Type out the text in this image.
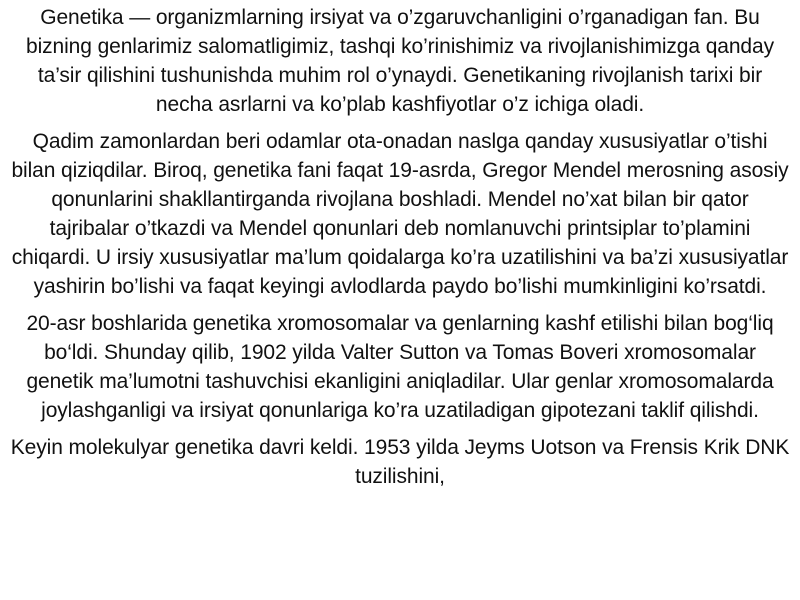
Genetika — organizmlarning irsiyat va o’zgaruvchanligini o’rganadigan fan. Bu bizning genlarimiz salomatligimiz, tashqi ko’rinishimiz va rivojlanishimizga qanday ta’sir qilishini tushunishda muhim rol o’ynaydi. Genetikaning rivojlanish tarixi bir necha asrlarni va ko’plab kashfiyotlar o’z ichiga oladi.

Qadim zamonlardan beri odamlar ota-onadan naslga qanday xususiyatlar o’tishi bilan qiziqdilar. Biroq, genetika fani faqat 19-asrda, Gregor Mendel merosning asosiy qonunlarini shakllantirganda rivojlana boshladi. Mendel no’xat bilan bir qator tajribalar o’tkazdi va Mendel qonunlari deb nomlanuvchi printsiplar to’plamini chiqardi. U irsiy xususiyatlar ma’lum qoidalarga ko’ra uzatilishini va ba’zi xususiyatlar yashirin bo’lishi va faqat keyingi avlodlarda paydo bo’lishi mumkinligini ko’rsatdi.

20-asr boshlarida genetika xromosomalar va genlarning kashf etilishi bilan bog‘liq bo‘ldi. Shunday qilib, 1902 yilda Valter Sutton va Tomas Boveri xromosomalar genetik ma’lumotni tashuvchisi ekanligini aniqladilar. Ular genlar xromosomalarda joylashganligi va irsiyat qonunlariga ko’ra uzatiladigan gipotezani taklif qilishdi.

Keyin molekulyar genetika davri keldi. 1953 yilda Jeyms Uotson va Frensis Krik DNK tuzilishini,
